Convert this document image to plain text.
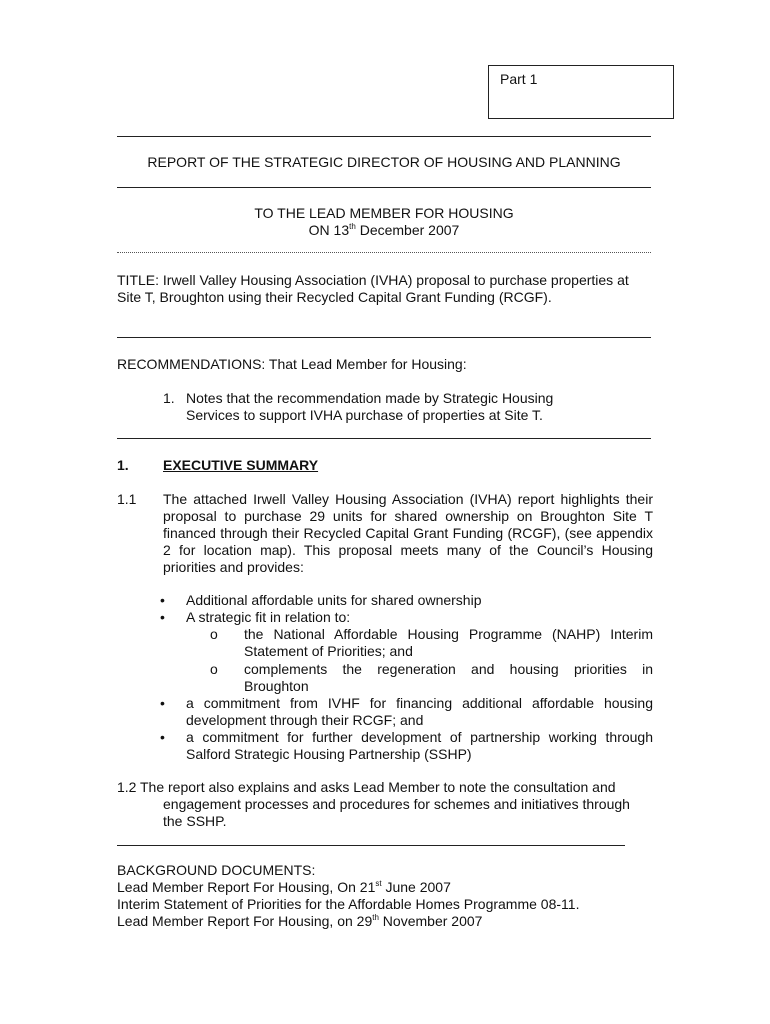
Part 1
REPORT OF THE STRATEGIC DIRECTOR OF HOUSING AND PLANNING
TO THE LEAD MEMBER FOR HOUSING
ON 13th December 2007
TITLE: Irwell Valley Housing Association (IVHA) proposal to purchase properties at Site T, Broughton using their Recycled Capital Grant Funding (RCGF).
RECOMMENDATIONS: That Lead Member for Housing:
1. Notes that the recommendation made by Strategic Housing Services to support IVHA purchase of properties at Site T.
1. EXECUTIVE SUMMARY
1.1 The attached Irwell Valley Housing Association (IVHA) report highlights their proposal to purchase 29 units for shared ownership on Broughton Site T financed through their Recycled Capital Grant Funding (RCGF), (see appendix 2 for location map). This proposal meets many of the Council’s Housing priorities and provides:
• Additional affordable units for shared ownership
• A strategic fit in relation to:
o the National Affordable Housing Programme (NAHP) Interim Statement of Priorities; and
o complements the regeneration and housing priorities in Broughton
• a commitment from IVHF for financing additional affordable housing development through their RCGF; and
• a commitment for further development of partnership working through Salford Strategic Housing Partnership (SSHP)
1.2 The report also explains and asks Lead Member to note the consultation and engagement processes and procedures for schemes and initiatives through the SSHP.
BACKGROUND DOCUMENTS:
Lead Member Report For Housing, On 21st June 2007
Interim Statement of Priorities for the Affordable Homes Programme 08-11.
Lead Member Report For Housing, on 29th November 2007
